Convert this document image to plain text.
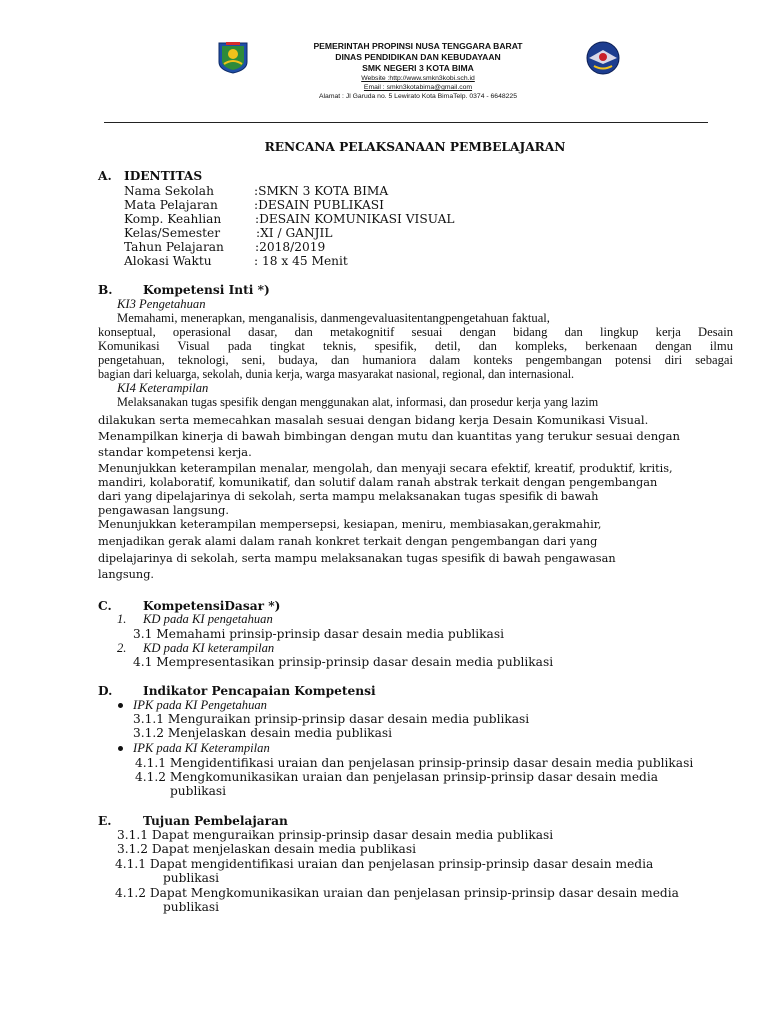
PEMERINTAH PROPINSI NUSA TENGGARA BARAT
DINAS PENDIDIKAN DAN KEBUDAYAAN
SMK NEGERI 3 KOTA BIMA
Website :http://www.smkn3kobi.sch.id
Email : smkn3kotabima@gmail.com
Alamat : Jl Garuda no. 5 Lewirato Kota BimaTelp. 0374 - 6648225
RENCANA PELAKSANAAN PEMBELAJARAN
A. IDENTITAS
Nama Sekolah	:SMKN 3 KOTA BIMA
Mata Pelajaran	:DESAIN PUBLIKASI
Komp. Keahlian	:DESAIN KOMUNIKASI VISUAL
Kelas/Semester	:XI / GANJIL
Tahun Pelajaran	:2018/2019
Alokasi Waktu	: 18 x 45 Menit
B. Kompetensi Inti *)
KI3 Pengetahuan
Memahami, menerapkan, menganalisis, danmengevaluasitentangpengetahuan faktual,
konseptual, operasional dasar, dan metakognitif sesuai dengan bidang dan lingkup kerja Desain
Komunikasi Visual pada tingkat teknis, spesifik, detil, dan kompleks, berkenaan dengan ilmu
pengetahuan, teknologi, seni, budaya, dan humaniora dalam konteks pengembangan potensi diri sebagai
bagian dari keluarga, sekolah, dunia kerja, warga masyarakat nasional, regional, dan internasional.
KI4 Keterampilan
Melaksanakan tugas spesifik dengan menggunakan alat, informasi, dan prosedur kerja yang lazim
dilakukan serta memecahkan masalah sesuai dengan bidang kerja Desain Komunikasi Visual.
Menampilkan kinerja di bawah bimbingan dengan mutu dan kuantitas yang terukur sesuai dengan
standar kompetensi kerja.
Menunjukkan keterampilan menalar, mengolah, dan menyaji secara efektif, kreatif, produktif, kritis,
mandiri, kolaboratif, komunikatif, dan solutif dalam ranah abstrak terkait dengan pengembangan
dari yang dipelajarinya di sekolah, serta mampu melaksanakan tugas spesifik di bawah
pengawasan langsung.
Menunjukkan keterampilan mempersepsi, kesiapan, meniru, membiasakan,gerakmahir,
menjadikan gerak alami dalam ranah konkret terkait dengan pengembangan dari yang
dipelajarinya di sekolah, serta mampu melaksanakan tugas spesifik di bawah pengawasan
langsung.
C.	KompetensiDasar *)
1. KD pada KI pengetahuan
3.1 Memahami prinsip-prinsip dasar desain media publikasi
2. KD pada KI keterampilan
4.1 Mempresentasikan prinsip-prinsip dasar desain media publikasi
D.	Indikator Pencapaian Kompetensi
IPK pada KI Pengetahuan
3.1.1 Menguraikan prinsip-prinsip dasar desain media publikasi
3.1.2 Menjelaskan desain media publikasi
IPK pada KI Keterampilan
4.1.1 Mengidentifikasi uraian dan penjelasan prinsip-prinsip dasar desain media publikasi
4.1.2 Mengkomunikasikan uraian dan penjelasan prinsip-prinsip dasar desain media
publikasi
E.	Tujuan Pembelajaran
3.1.1 Dapat menguraikan prinsip-prinsip dasar desain media publikasi
3.1.2 Dapat menjelaskan desain media publikasi
4.1.1 Dapat mengidentifikasi uraian dan penjelasan prinsip-prinsip dasar desain media
publikasi
4.1.2 Dapat Mengkomunikasikan uraian dan penjelasan prinsip-prinsip dasar desain media
publikasi
